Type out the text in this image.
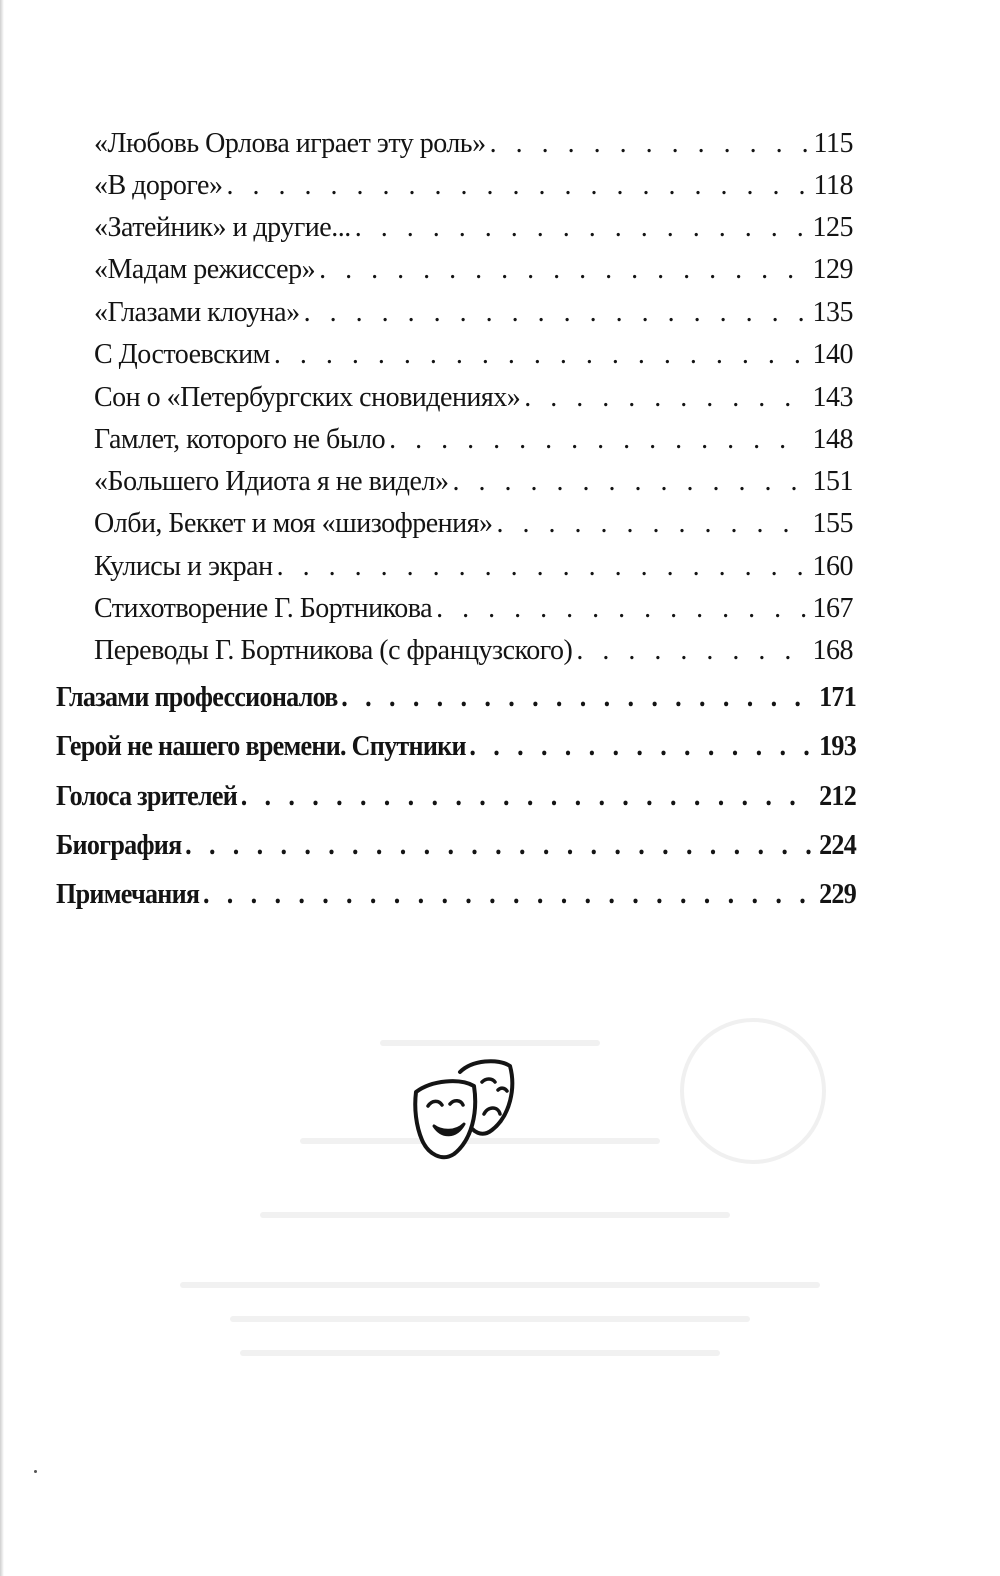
«Любовь Орлова играет эту роль» . . .	115
«В дороге» . . .	118
«Затейник» и другие... . . .	125
«Мадам режиссер» . . .	129
«Глазами клоуна» . . .	135
С Достоевским . . .	140
Сон о «Петербургских сновидениях» . . .	143
Гамлет, которого не было . . .	148
«Большего Идиота я не видел» . . .	151
Олби, Беккет и моя «шизофрения» . . .	155
Кулисы и экран . . .	160
Стихотворение Г. Бортникова . . .	167
Переводы Г. Бортникова (с французского) . . .	168
Глазами профессионалов . . .	171
Герой не нашего времени. Спутники . . .	193
Голоса зрителей . . .	212
Биография . . .	224
Примечания . . .	229
